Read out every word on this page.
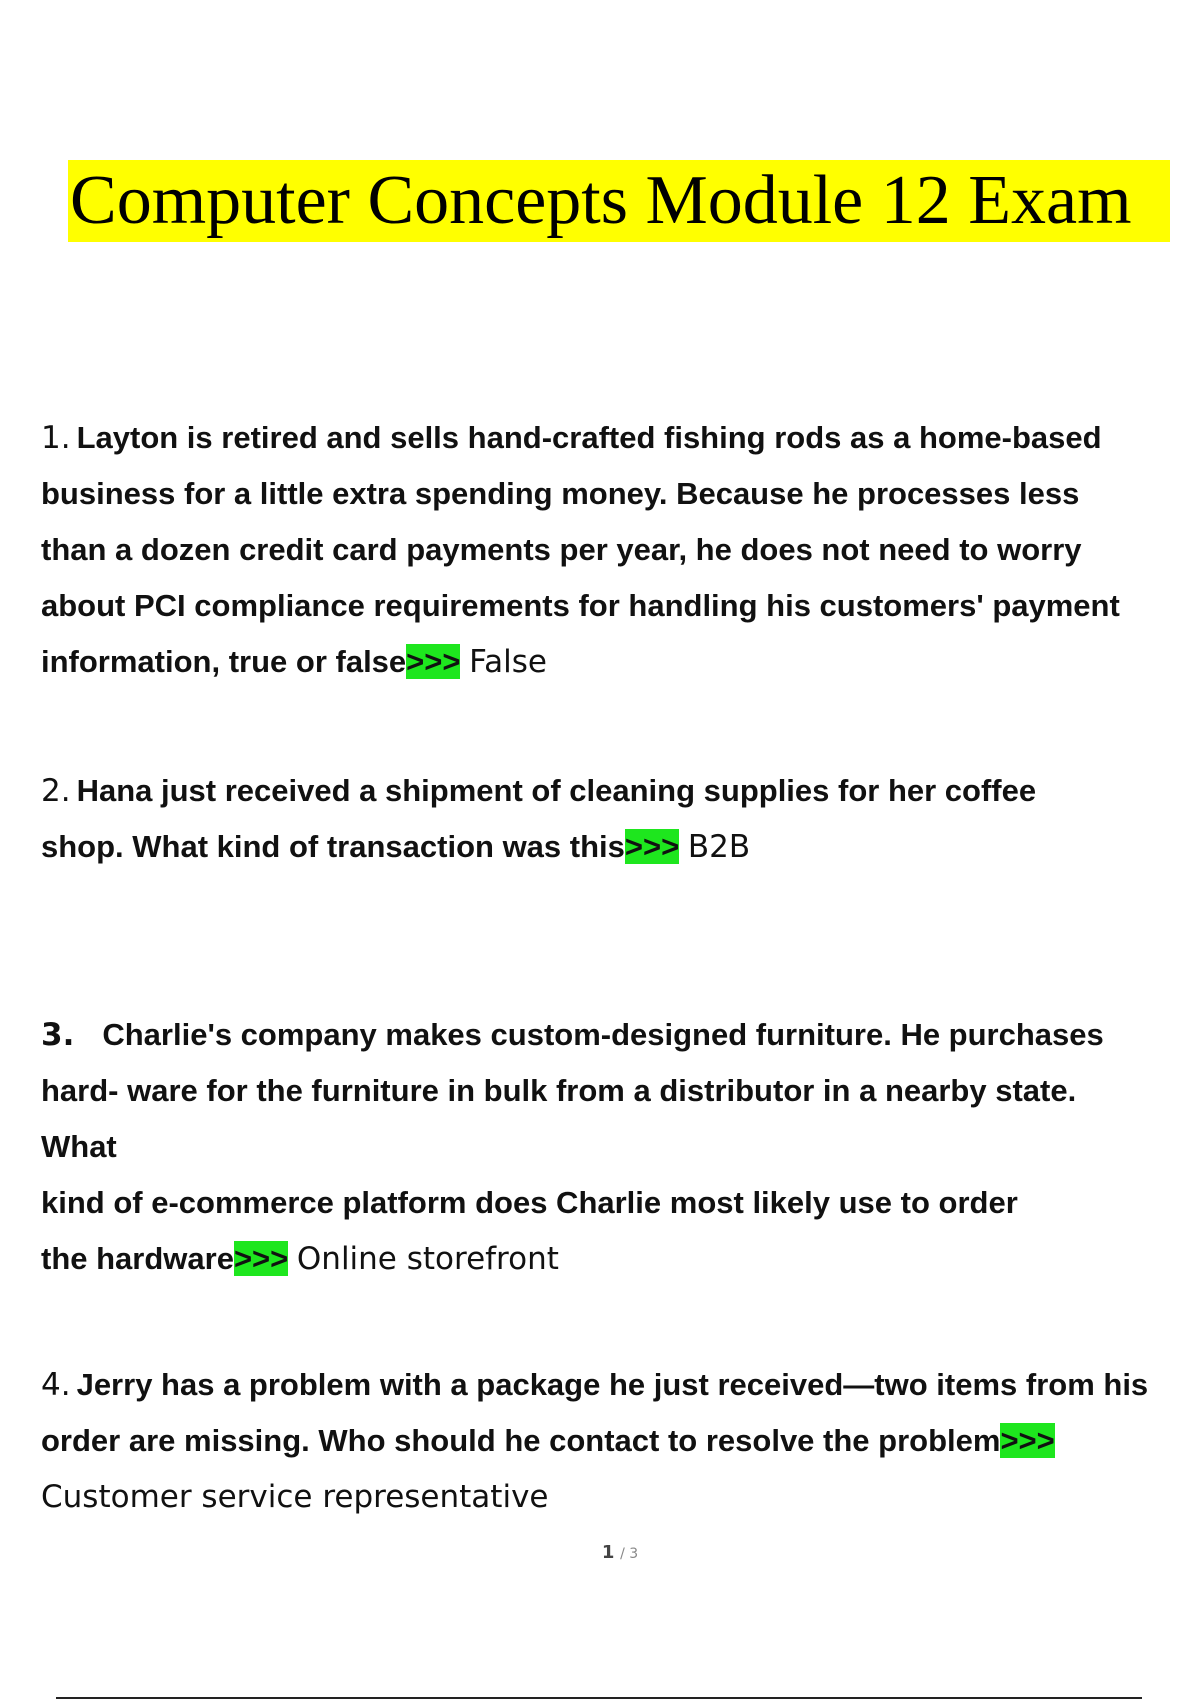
Computer Concepts Module 12 Exam
1. Layton is retired and sells hand-crafted fishing rods as a home-based
business for a little extra spending money. Because he processes less
than a dozen credit card payments per year, he does not need to worry
about PCI compliance requirements for handling his customers' payment
information, true or false>>> False
2. Hana just received a shipment of cleaning supplies for her coffee
shop. What kind of transaction was this>>> B2B
3. Charlie's company makes custom-designed furniture. He purchases
hard- ware for the furniture in bulk from a distributor in a nearby state.
What
kind of e-commerce platform does Charlie most likely use to order
the hardware>>> Online storefront
4. Jerry has a problem with a package he just received—two items from his
order are missing. Who should he contact to resolve the problem>>>
Customer service representative
1 / 3
